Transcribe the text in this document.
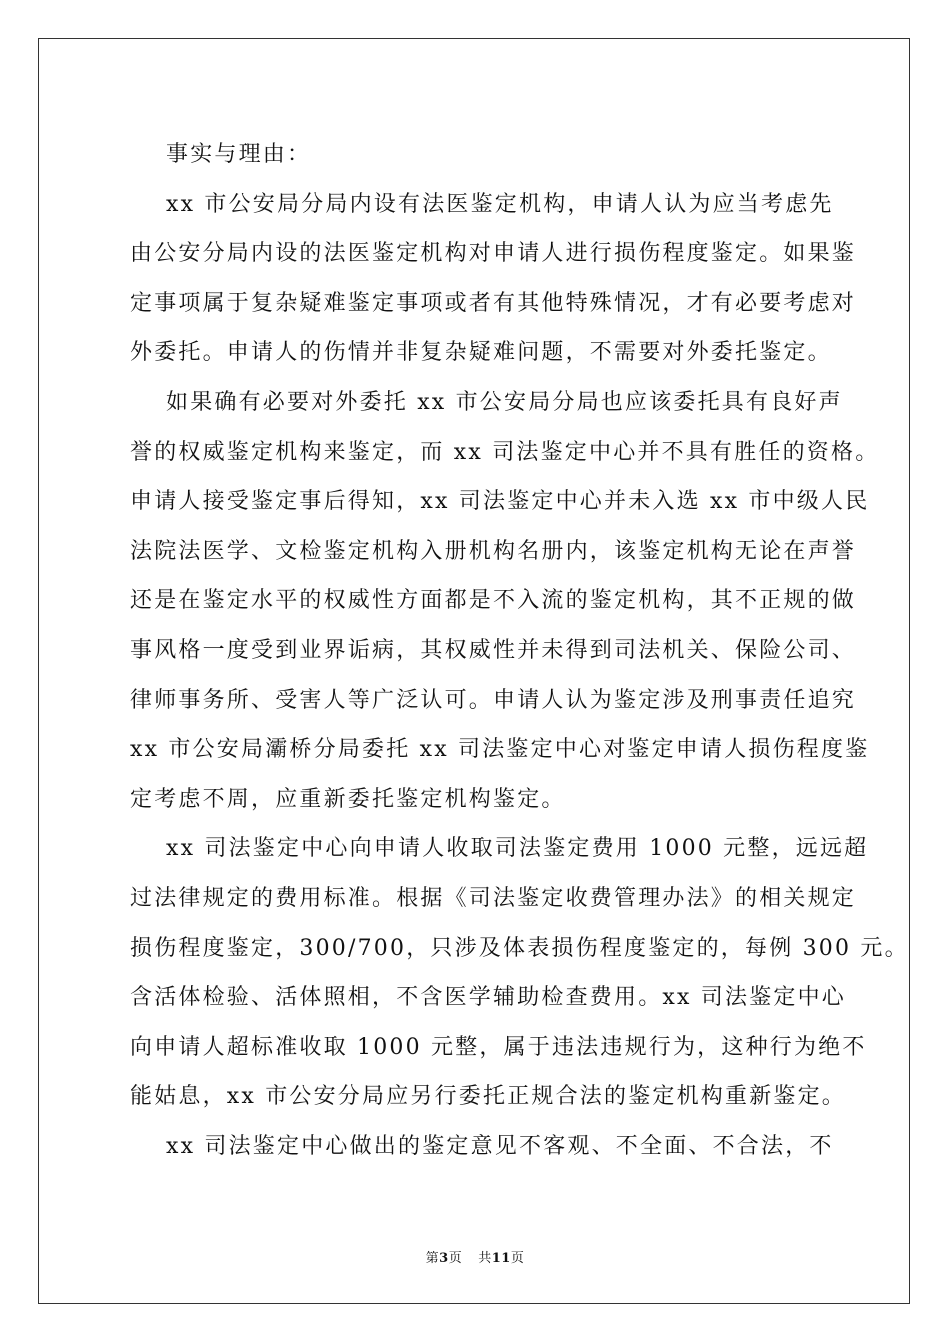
事实与理由：

xx 市公安局分局内设有法医鉴定机构，申请人认为应当考虑先
由公安分局内设的法医鉴定机构对申请人进行损伤程度鉴定。如果鉴
定事项属于复杂疑难鉴定事项或者有其他特殊情况，才有必要考虑对
外委托。申请人的伤情并非复杂疑难问题，不需要对外委托鉴定。

如果确有必要对外委托 xx 市公安局分局也应该委托具有良好声
誉的权威鉴定机构来鉴定，而 xx 司法鉴定中心并不具有胜任的资格。
申请人接受鉴定事后得知，xx 司法鉴定中心并未入选 xx 市中级人民
法院法医学、文检鉴定机构入册机构名册内，该鉴定机构无论在声誉
还是在鉴定水平的权威性方面都是不入流的鉴定机构，其不正规的做
事风格一度受到业界诟病，其权威性并未得到司法机关、保险公司、
律师事务所、受害人等广泛认可。申请人认为鉴定涉及刑事责任追究
xx 市公安局灞桥分局委托 xx 司法鉴定中心对鉴定申请人损伤程度鉴
定考虑不周，应重新委托鉴定机构鉴定。

xx 司法鉴定中心向申请人收取司法鉴定费用 1000 元整，远远超
过法律规定的费用标准。根据《司法鉴定收费管理办法》的相关规定
损伤程度鉴定，300/700，只涉及体表损伤程度鉴定的，每例 300 元。
含活体检验、活体照相，不含医学辅助检查费用。xx 司法鉴定中心
向申请人超标准收取 1000 元整，属于违法违规行为，这种行为绝不
能姑息，xx 市公安分局应另行委托正规合法的鉴定机构重新鉴定。

xx 司法鉴定中心做出的鉴定意见不客观、不全面、不合法，不

第3页 共11页
